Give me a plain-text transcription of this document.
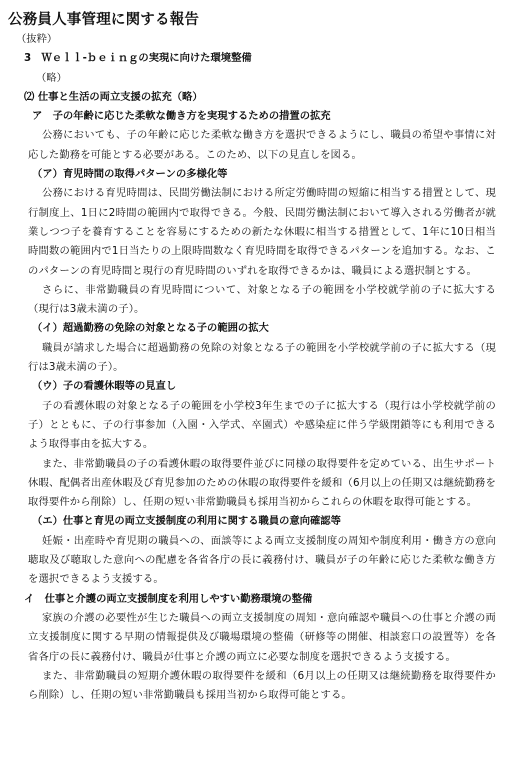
公務員人事管理に関する報告
（抜粋）
3　Ｗｅｌｌ-ｂｅｉｎｇの実現に向けた環境整備
（略）
⑵ 仕事と生活の両立支援の拡充（略）
ア　子の年齢に応じた柔軟な働き方を実現するための措置の拡充
公務においても、子の年齢に応じた柔軟な働き方を選択できるようにし、職員の希望や事情に対応した勤務を可能とする必要がある。このため、以下の見直しを図る。
（ア）育児時間の取得パターンの多様化等
公務における育児時間は、民間労働法制における所定労働時間の短縮に相当する措置として、現行制度上、1日に2時間の範囲内で取得できる。今般、民間労働法制において導入される労働者が就業しつつ子を養育することを容易にするための新たな休暇に相当する措置として、1年に10日相当時間数の範囲内で1日当たりの上限時間数なく育児時間を取得できるパターンを追加する。なお、このパターンの育児時間と現行の育児時間のいずれを取得できるかは、職員による選択制とする。
さらに、非常勤職員の育児時間について、対象となる子の範囲を小学校就学前の子に拡大する（現行は3歳未満の子）。
（イ）超過勤務の免除の対象となる子の範囲の拡大
職員が請求した場合に超過勤務の免除の対象となる子の範囲を小学校就学前の子に拡大する（現行は3歳未満の子）。
（ウ）子の看護休暇等の見直し
子の看護休暇の対象となる子の範囲を小学校3年生までの子に拡大する（現行は小学校就学前の子）とともに、子の行事参加（入園・入学式、卒園式）や感染症に伴う学級閉鎖等にも利用できるよう取得事由を拡大する。
また、非常勤職員の子の看護休暇の取得要件並びに同様の取得要件を定めている、出生サポート休暇、配偶者出産休暇及び育児参加のための休暇の取得要件を緩和（6月以上の任期又は継続勤務を取得要件から削除）し、任期の短い非常勤職員も採用当初からこれらの休暇を取得可能とする。
（エ）仕事と育児の両立支援制度の利用に関する職員の意向確認等
妊娠・出産時や育児期の職員への、面談等による両立支援制度の周知や制度利用・働き方の意向聴取及び聴取した意向への配慮を各省各庁の長に義務付け、職員が子の年齢に応じた柔軟な働き方を選択できるよう支援する。
イ　仕事と介護の両立支援制度を利用しやすい勤務環境の整備
家族の介護の必要性が生じた職員への両立支援制度の周知・意向確認や職員への仕事と介護の両立支援制度に関する早期の情報提供及び職場環境の整備（研修等の開催、相談窓口の設置等）を各省各庁の長に義務付け、職員が仕事と介護の両立に必要な制度を選択できるよう支援する。
また、非常勤職員の短期介護休暇の取得要件を緩和（6月以上の任期又は継続勤務を取得要件から削除）し、任期の短い非常勤職員も採用当初から取得可能とする。
